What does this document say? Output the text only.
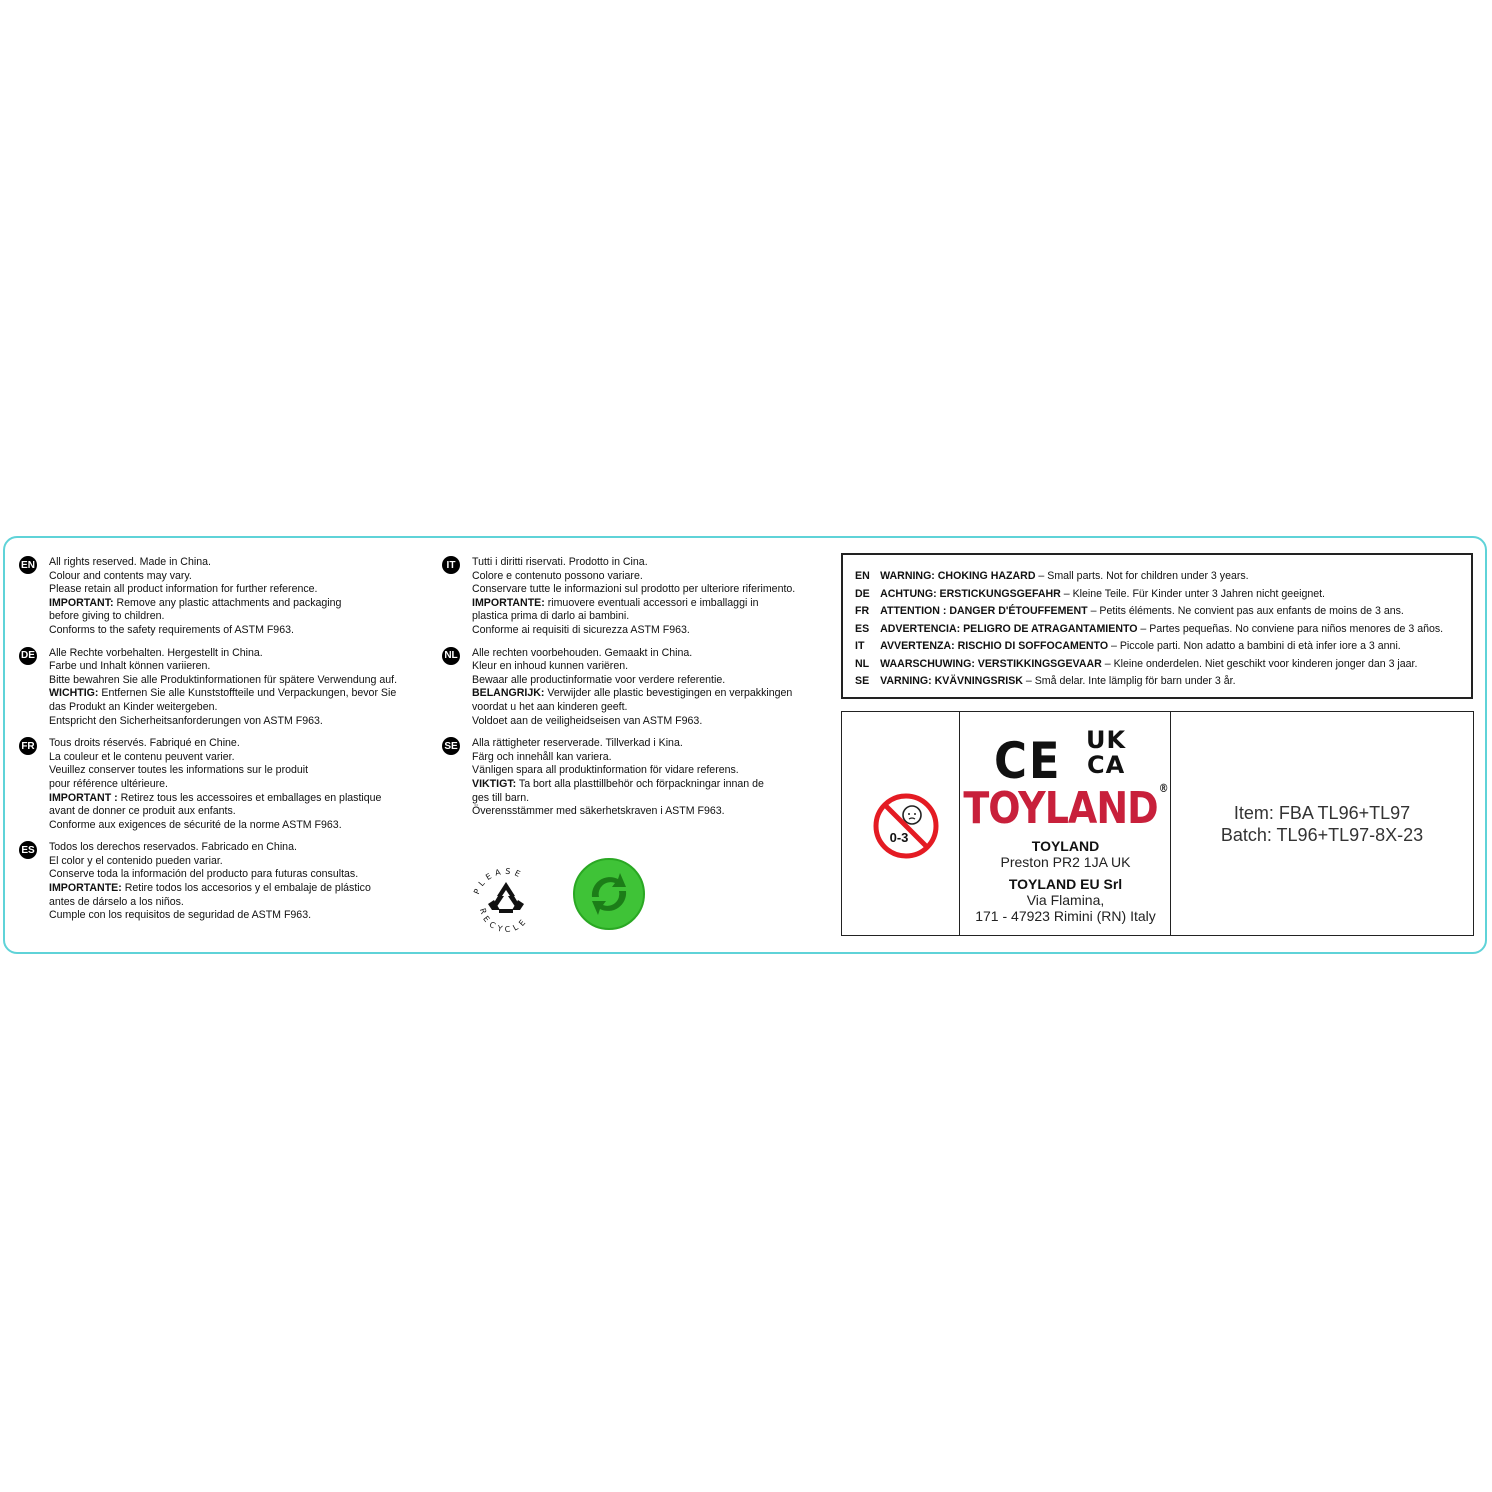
EN All rights reserved. Made in China.
Colour and contents may vary.
Please retain all product information for further reference.
IMPORTANT: Remove any plastic attachments and packaging
before giving to children.
Conforms to the safety requirements of ASTM F963.
DE Alle Rechte vorbehalten. Hergestellt in China.
Farbe und Inhalt können variieren.
Bitte bewahren Sie alle Produktinformationen für spätere Verwendung auf.
WICHTIG: Entfernen Sie alle Kunststoffteile und Verpackungen, bevor Sie
das Produkt an Kinder weitergeben.
Entspricht den Sicherheitsanforderungen von ASTM F963.
FR Tous droits réservés. Fabriqué en Chine.
La couleur et le contenu peuvent varier.
Veuillez conserver toutes les informations sur le produit
pour référence ultérieure.
IMPORTANT : Retirez tous les accessoires et emballages en plastique
avant de donner ce produit aux enfants.
Conforme aux exigences de sécurité de la norme ASTM F963.
ES Todos los derechos reservados. Fabricado en China.
El color y el contenido pueden variar.
Conserve toda la información del producto para futuras consultas.
IMPORTANTE: Retire todos los accesorios y el embalaje de plástico
antes de dárselo a los niños.
Cumple con los requisitos de seguridad de ASTM F963.
IT	Tutti i diritti riservati. Prodotto in Cina.
Colore e contenuto possono variare.
Conservare tutte le informazioni sul prodotto per ulteriore riferimento.
IMPORTANTE: rimuovere eventuali accessori e imballaggi in
plastica prima di darlo ai bambini.
Conforme ai requisiti di sicurezza ASTM F963.
NL Alle rechten voorbehouden. Gemaakt in China.
Kleur en inhoud kunnen variëren.
Bewaar alle productinformatie voor verdere referentie.
BELANGRIJK: Verwijder alle plastic bevestigingen en verpakkingen
voordat u het aan kinderen geeft.
Voldoet aan de veiligheidseisen van ASTM F963.
SE Alla rättigheter reserverade. Tillverkad i Kina.
Färg och innehåll kan variera.
Vänligen spara all produktinformation för vidare referens.
VIKTIGT: Ta bort alla plasttillbehör och förpackningar innan de
ges till barn.
Överensstämmer med säkerhetskraven i ASTM F963.
PLEASE
RECYCLE
EN WARNING: CHOKING HAZARD – Small parts. Not for children under 3 years.
DE ACHTUNG: ERSTICKUNGSGEFAHR – Kleine Teile. Für Kinder unter 3 Jahren nicht geeignet.
FR ATTENTION : DANGER D'ÉTOUFFEMENT – Petits éléments. Ne convient pas aux enfants de moins de 3 ans.
ES ADVERTENCIA: PELIGRO DE ATRAGANTAMIENTO – Partes pequeñas. No conviene para niños menores de 3 años.
IT AVVERTENZA: RISCHIO DI SOFFOCAMENTO – Piccole parti. Non adatto a bambini di età infer iore a 3 anni.
NL WAARSCHUWING: VERSTIKKINGSGEVAAR – Kleine onderdelen. Niet geschikt voor kinderen jonger dan 3 jaar.
SE VARNING: KVÄVNINGSRISK – Små delar. Inte lämplig för barn under 3 år.
0-3
CE UK
CA
TOYLAND®
TOYLAND
Preston PR2 1JA UK
TOYLAND EU Srl
Via Flamina,
171 - 47923 Rimini (RN) Italy
Item: FBA TL96+TL97
Batch: TL96+TL97-8X-23
